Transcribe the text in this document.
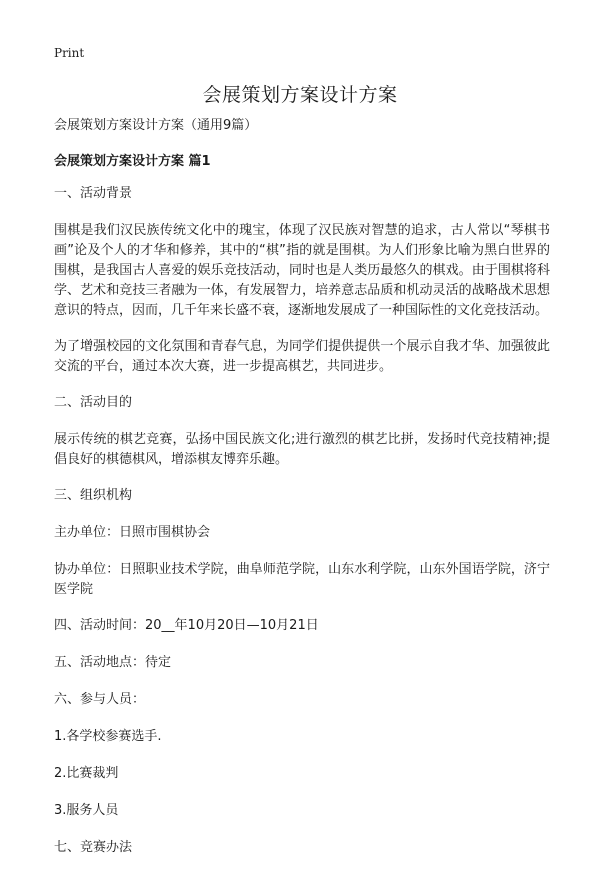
Print
会展策划方案设计方案

会展策划方案设计方案（通用9篇）

会展策划方案设计方案 篇1

一、活动背景

围棋是我们汉民族传统文化中的瑰宝，体现了汉民族对智慧的追求，古人常以“琴棋书画”论及个人的才华和修养，其中的“棋”指的就是围棋。为人们形象比喻为黑白世界的围棋，是我国古人喜爱的娱乐竞技活动，同时也是人类历最悠久的棋戏。由于围棋将科学、艺术和竞技三者融为一体，有发展智力，培养意志品质和机动灵活的战略战术思想意识的特点，因而，几千年来长盛不衰，逐渐地发展成了一种国际性的文化竞技活动。

为了增强校园的文化氛围和青春气息，为同学们提供提供一个展示自我才华、加强彼此交流的平台，通过本次大赛，进一步提高棋艺，共同进步。

二、活动目的

展示传统的棋艺竞赛，弘扬中国民族文化;进行激烈的棋艺比拼，发扬时代竞技精神;提倡良好的棋德棋风，增添棋友博弈乐趣。

三、组织机构

主办单位：日照市围棋协会

协办单位：日照职业技术学院，曲阜师范学院，山东水利学院，山东外国语学院，济宁医学院

四、活动时间：20__年10月20日—10月21日

五、活动地点：待定

六、参与人员：

1.各学校参赛选手.

2.比赛裁判

3.服务人员

七、竞赛办法
